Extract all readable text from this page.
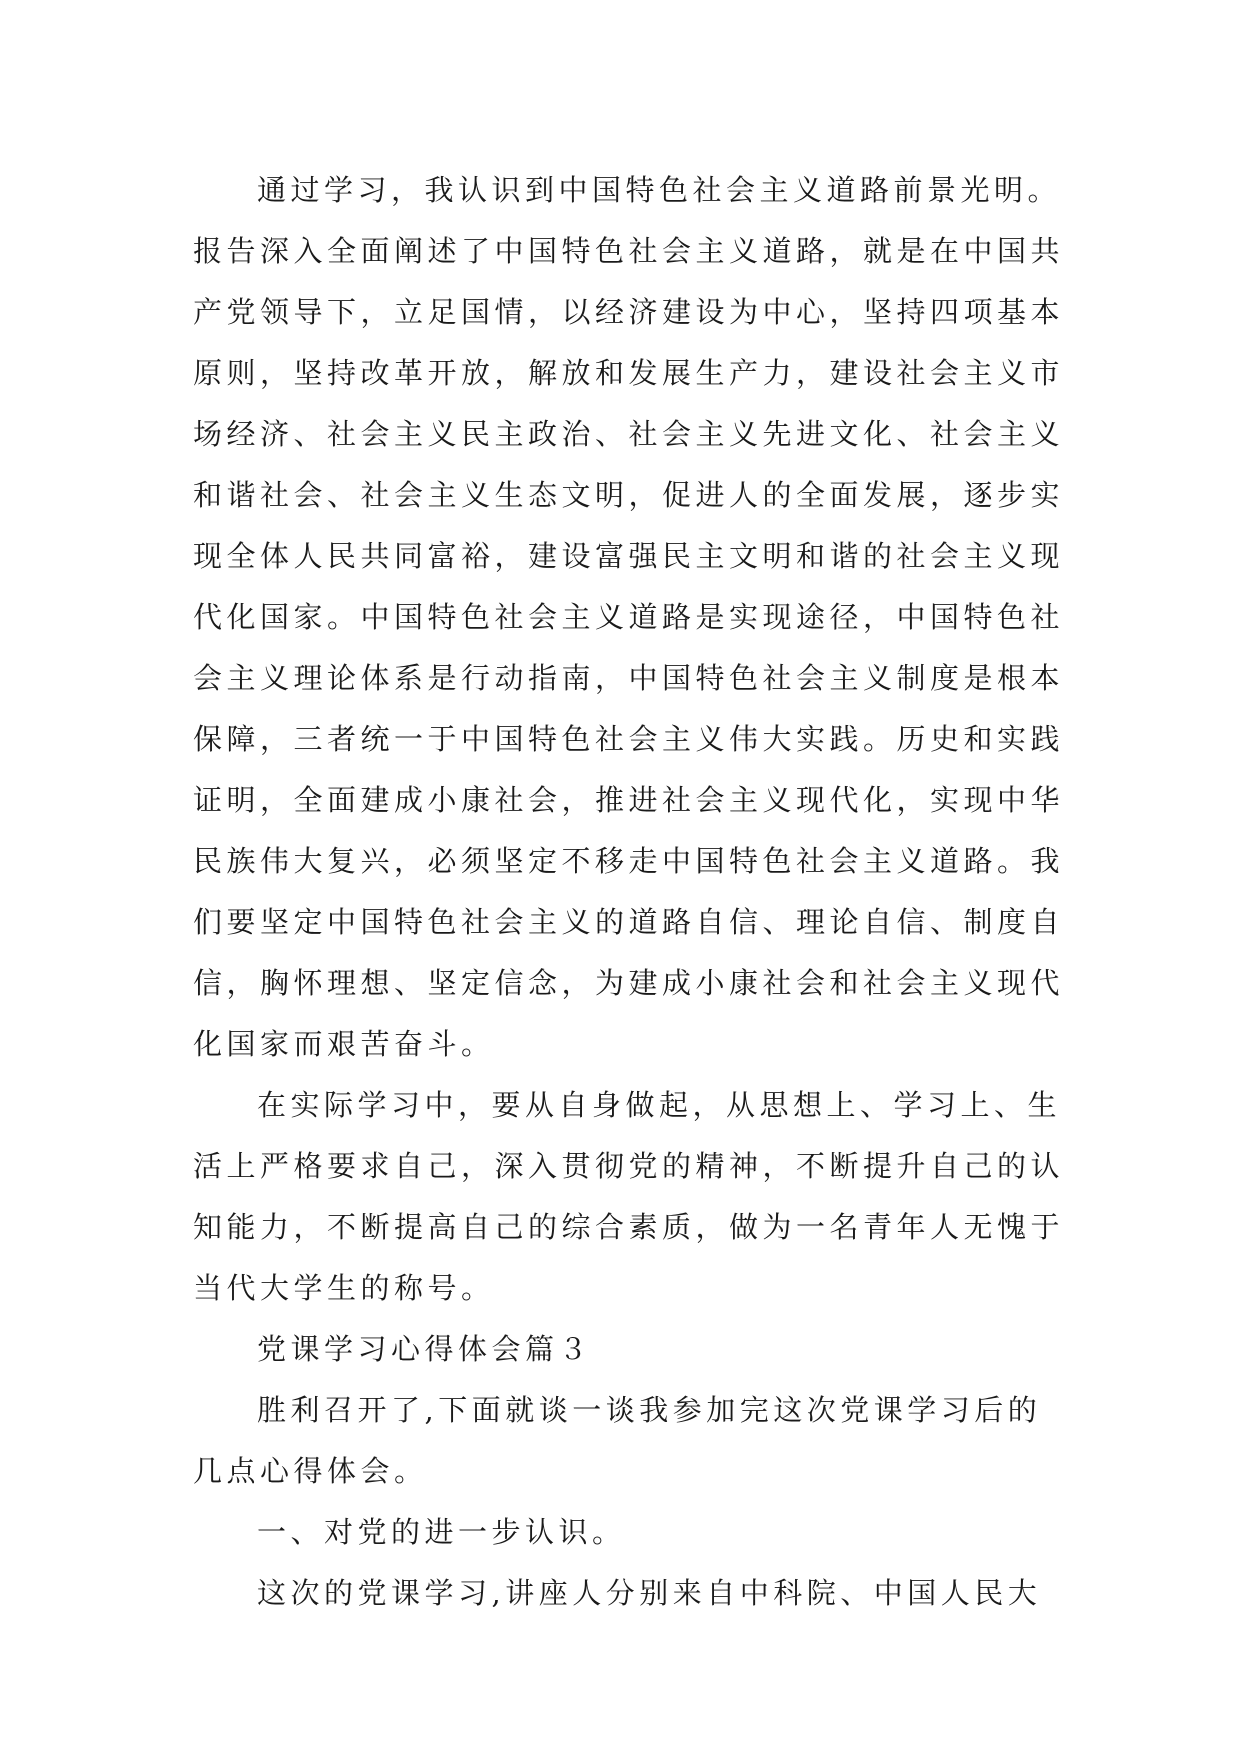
通过学习，我认识到中国特色社会主义道路前景光明。
报告深入全面阐述了中国特色社会主义道路，就是在中国共
产党领导下，立足国情，以经济建设为中心，坚持四项基本
原则，坚持改革开放，解放和发展生产力，建设社会主义市
场经济、社会主义民主政治、社会主义先进文化、社会主义
和谐社会、社会主义生态文明，促进人的全面发展，逐步实
现全体人民共同富裕，建设富强民主文明和谐的社会主义现
代化国家。中国特色社会主义道路是实现途径，中国特色社
会主义理论体系是行动指南，中国特色社会主义制度是根本
保障，三者统一于中国特色社会主义伟大实践。历史和实践
证明，全面建成小康社会，推进社会主义现代化，实现中华
民族伟大复兴，必须坚定不移走中国特色社会主义道路。我
们要坚定中国特色社会主义的道路自信、理论自信、制度自
信，胸怀理想、坚定信念，为建成小康社会和社会主义现代
化国家而艰苦奋斗。
在实际学习中，要从自身做起，从思想上、学习上、生
活上严格要求自己，深入贯彻党的精神，不断提升自己的认
知能力，不断提高自己的综合素质，做为一名青年人无愧于
当代大学生的称号。
党课学习心得体会篇３
胜利召开了,下面就谈一谈我参加完这次党课学习后的
几点心得体会。
一、对党的进一步认识。
这次的党课学习,讲座人分别来自中科院、中国人民大
